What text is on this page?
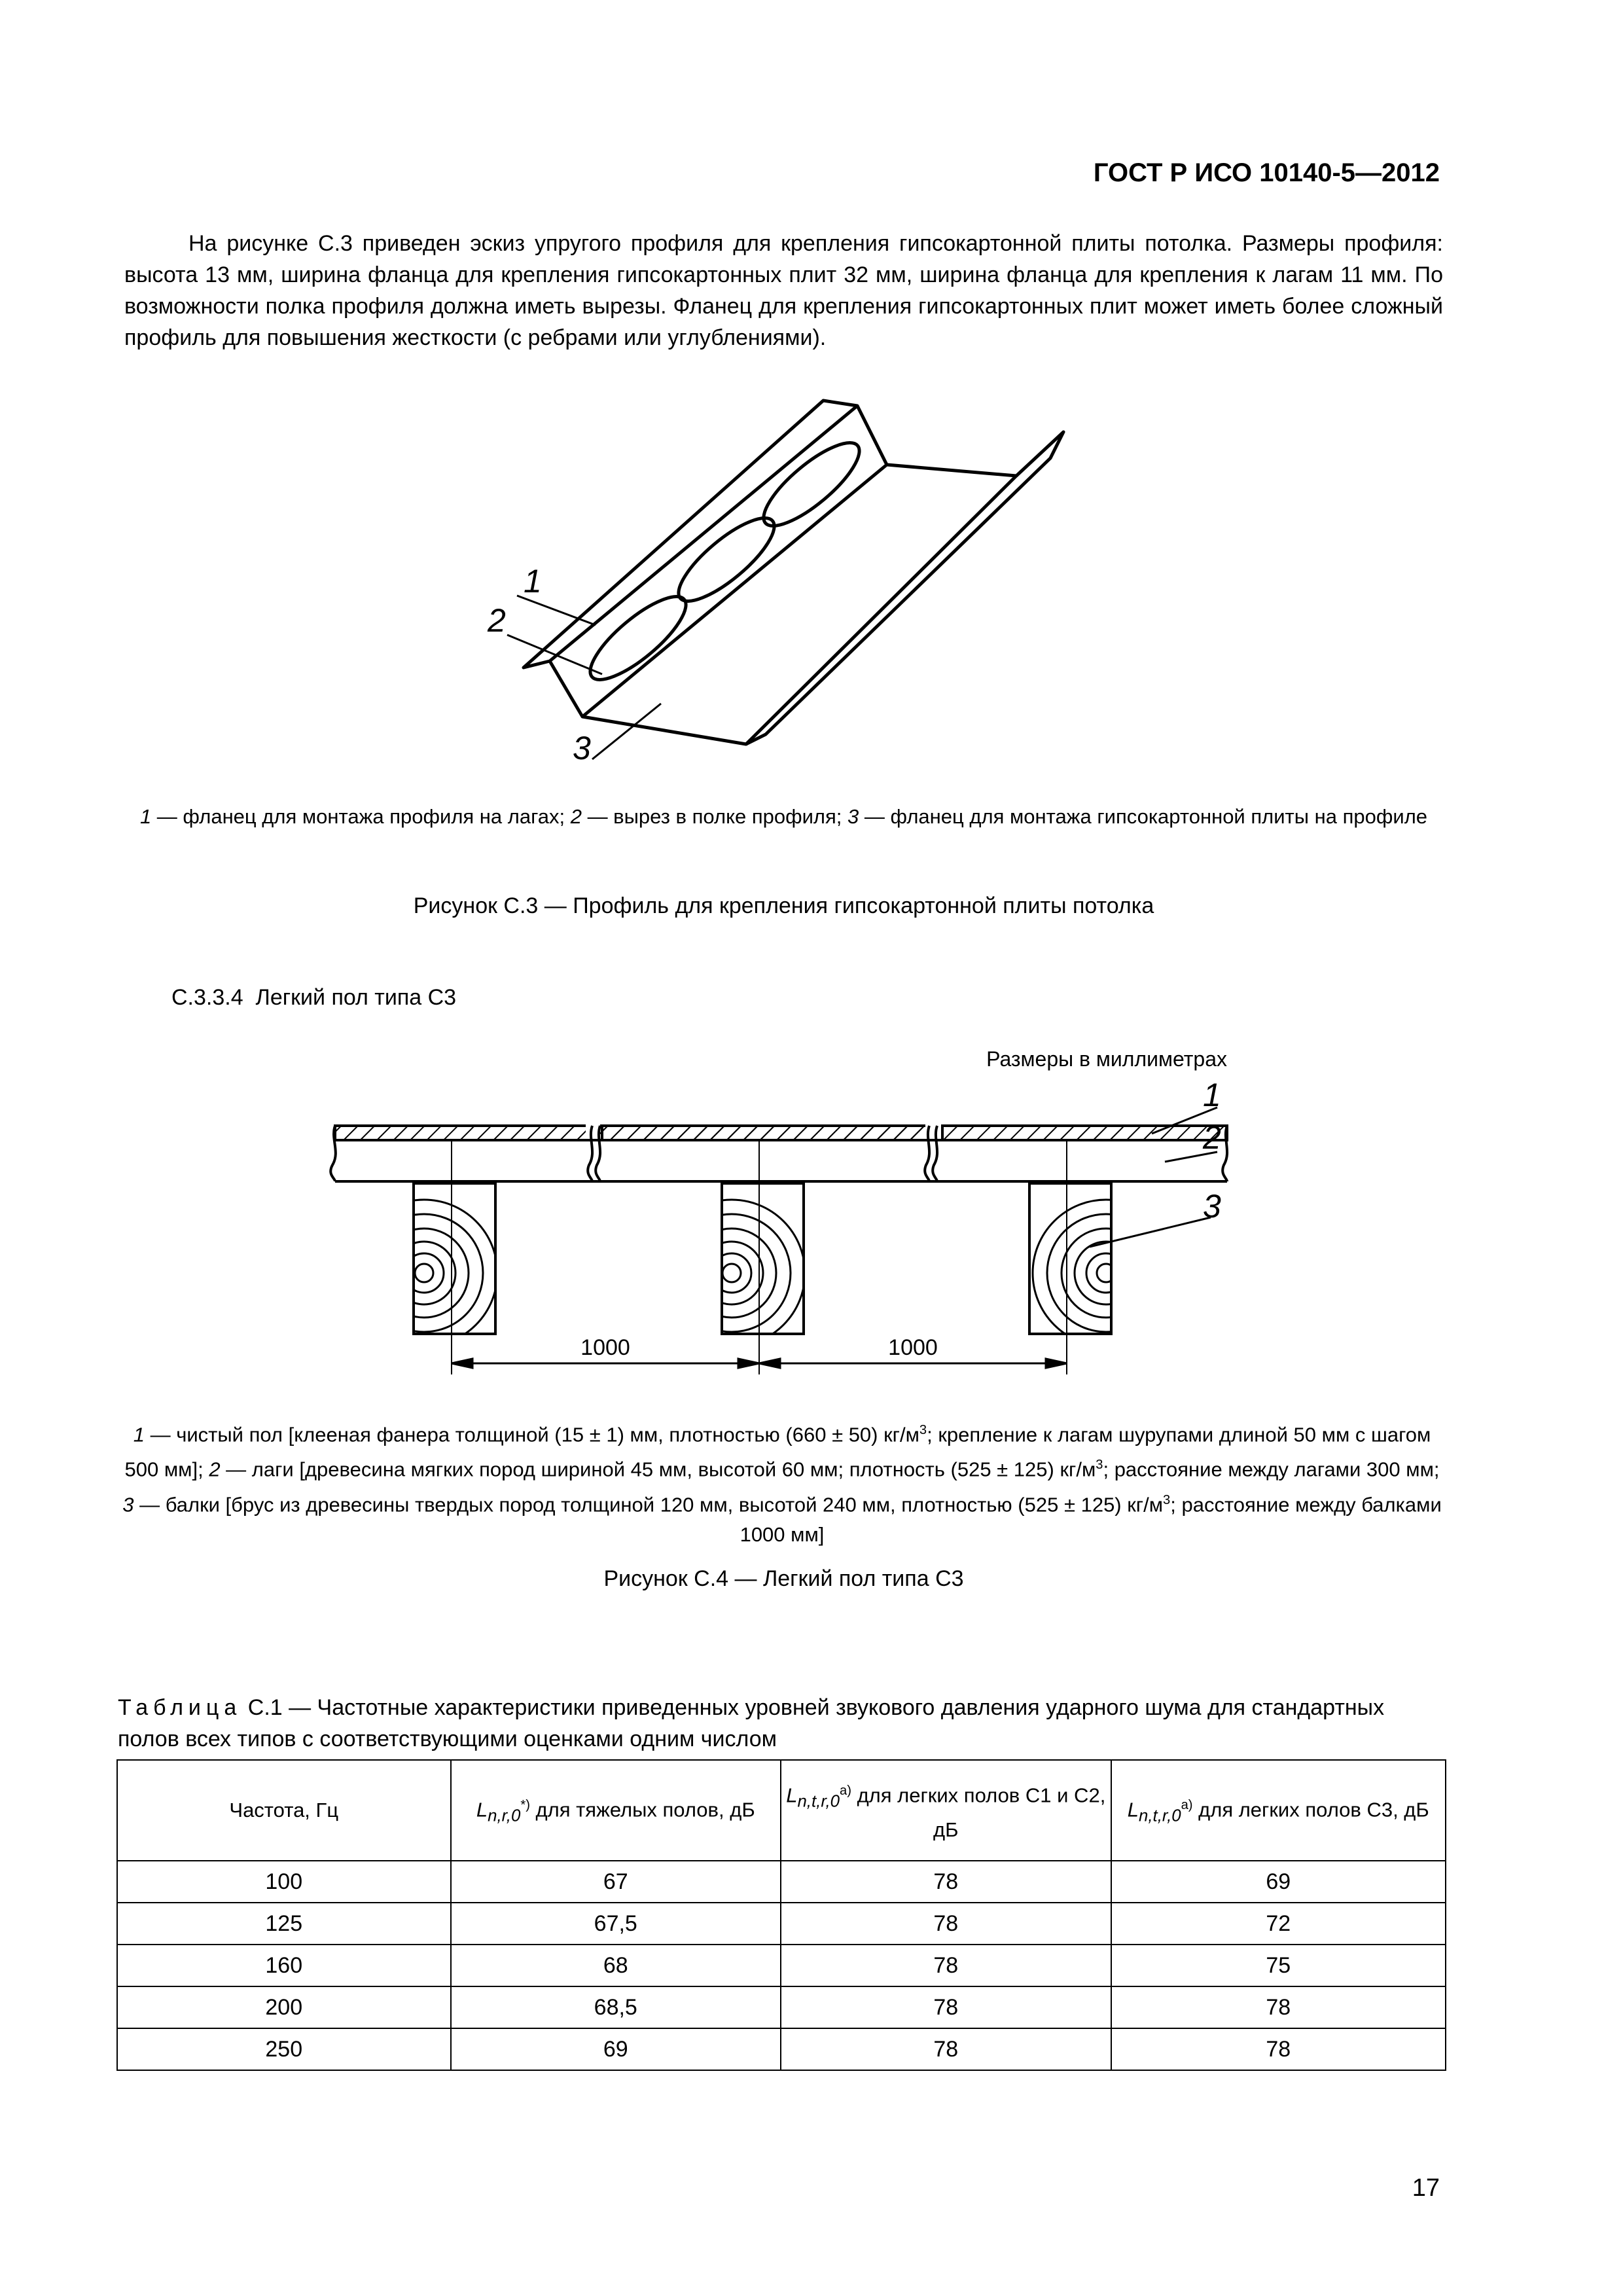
ГОСТ Р ИСО 10140-5—2012

На рисунке С.3 приведен эскиз упругого профиля для крепления гипсокартонной плиты потолка. Размеры профиля: высота 13 мм, ширина фланца для крепления гипсокартонных плит 32 мм, ширина фланца для крепления к лагам 11 мм. По возможности полка профиля должна иметь вырезы. Фланец для крепления гипсокартонных плит может иметь более сложный профиль для повышения жесткости (с ребрами или углублениями).

1
2
3
1 — фланец для монтажа профиля на лагах; 2 — вырез в полке профиля; 3 — фланец для монтажа гипсокартонной плиты на профиле
Рисунок С.3 — Профиль для крепления гипсокартонной плиты потолка
С.3.3.4  Легкий пол типа С3
Размеры в миллиметрах
1000	1000
1
2
3
1 — чистый пол [клееная фанера толщиной (15 ± 1) мм, плотностью (660 ± 50) $кг/м^3$; крепление к лагам шурупами длиной 50 мм с шагом 500 мм]; 2 — лаги [древесина мягких пород шириной 45 мм, высотой 60 мм; плотность (525 ± 125) $кг/м^3$; расстояние между лагами 300 мм; 3 — балки [брус из древесины твердых пород толщиной 120 мм, высотой 240 мм, плотностью (525 ± 125) $кг/м^3$; расстояние между балками 1000 мм]
Рисунок С.4 — Легкий пол типа С3
Таблица С.1 — Частотные характеристики приведенных уровней звукового давления ударного шума для стандартных полов всех типов с соответствующими оценками одним числом
Частота, Гц	$L_{n,r,0}^{*)}$ для тяжелых полов, дБ	$L_{n,t,r,0}^{a)}$ для легких полов С1 и С2, дБ	$L_{n,t,r,0}^{a)}$ для легких полов С3, дБ
100	67	78	69
125	67,5	78	72
160	68	78	75
200	68,5	78	78
250	69	78	78
17
